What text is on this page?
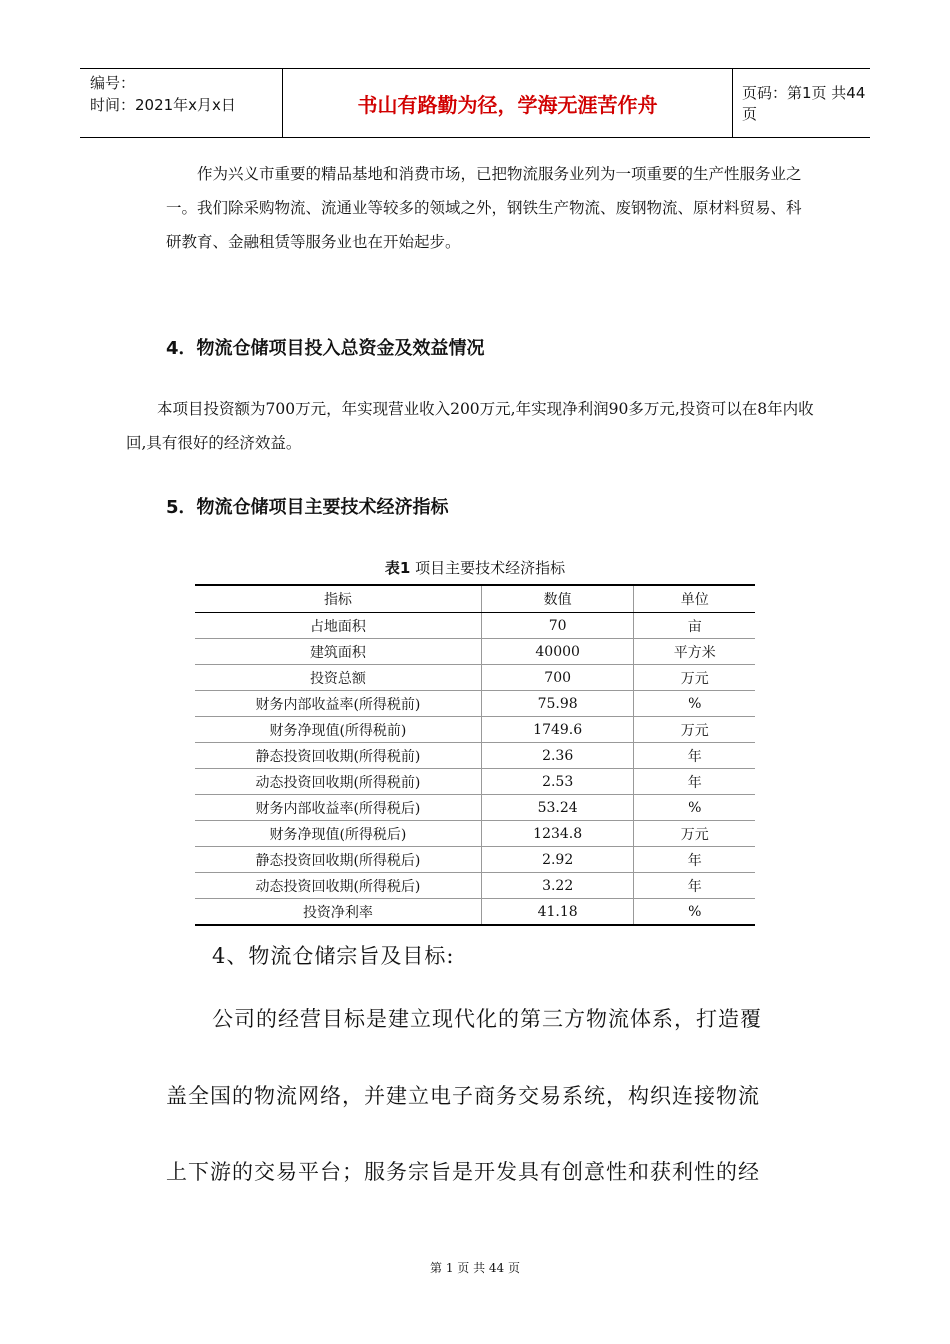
编号：
时间：2021年x月x日	书山有路勤为径，学海无涯苦作舟	页码：第1页 共44页
作为兴义市重要的精品基地和消费市场，已把物流服务业列为一项重要的生产性服务业之一。我们除采购物流、流通业等较多的领域之外，钢铁生产物流、废钢物流、原材料贸易、科研教育、金融租赁等服务业也在开始起步。
4．物流仓储项目投入总资金及效益情况
本项目投资额为700万元，年实现营业收入200万元,年实现净利润90多万元,投资可以在8年内收回,具有很好的经济效益。
5．物流仓储项目主要技术经济指标
表1 项目主要技术经济指标
指标	数值	单位
占地面积	70	亩
建筑面积	40000	平方米
投资总额	700	万元
财务内部收益率(所得税前)	75.98	%
财务净现值(所得税前)	1749.6	万元
静态投资回收期(所得税前)	2.36	年
动态投资回收期(所得税前)	2.53	年
财务内部收益率(所得税后)	53.24	%
财务净现值(所得税后)	1234.8	万元
静态投资回收期(所得税后)	2.92	年
动态投资回收期(所得税后)	3.22	年
投资净利率	41.18	%
4、物流仓储宗旨及目标:
公司的经营目标是建立现代化的第三方物流体系，打造覆
盖全国的物流网络，并建立电子商务交易系统，构织连接物流
上下游的交易平台；服务宗旨是开发具有创意性和获利性的经
第 1 页 共 44 页
